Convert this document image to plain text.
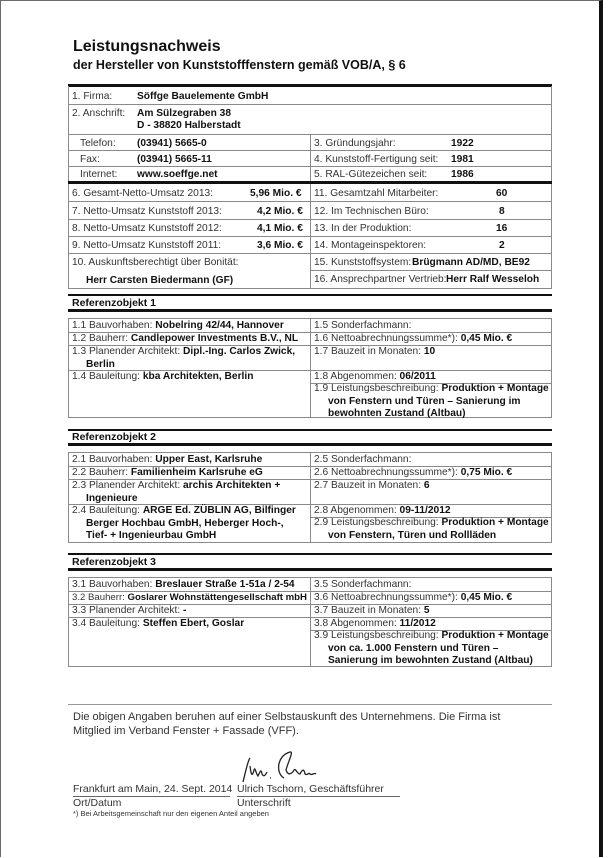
Leistungsnachweis
der Hersteller von Kunststofffenstern gemäß VOB/A, § 6
1. Firma: Söffge Bauelemente GmbH
2. Anschrift: Am Sülzegraben 38
D - 38820 Halberstadt
Telefon: (03941) 5665-0	3. Gründungsjahr:	1922
Fax:	(03941) 5665-11	4. Kunststoff-Fertigung seit: 1981
Internet: www.soeffge.net	5. RAL-Gütezeichen seit: 1986
6. Gesamt-Netto-Umsatz 2013:	5,96 Mio. € 11. Gesamtzahl Mitarbeiter:	60
7. Netto-Umsatz Kunststoff 2013:	4,2 Mio. € 12. Im Technischen Büro:	8
8. Netto-Umsatz Kunststoff 2012:	4,1 Mio. € 13. In der Produktion:	16
9. Netto-Umsatz Kunststoff 2011:	3,6 Mio. € 14. Montageinspektoren:	2
10. Auskunftsberechtigt über Bonität:
Herr Carsten Biedermann (GF)
15. Kunststoffsystem: Brügmann AD/MD, BE92
16. Ansprechpartner Vertrieb: Herr Ralf Wesseloh
Referenzobjekt 1
1.1 Bauvorhaben: Nobelring 42/44, Hannover
1.2 Bauherr: Candlepower Investments B.V., NL
1.3 Planender Architekt: Dipl.-Ing. Carlos Zwick,
Berlin
1.4 Bauleitung: kba Architekten, Berlin
1.5 Sonderfachmann:
1.6 Nettoabrechnungssumme*): 0,45 Mio. €
1.7 Bauzeit in Monaten: 10
1.8 Abgenommen: 06/2011
1.9 Leistungsbeschreibung: Produktion + Montage
von Fenstern und Türen – Sanierung im
bewohnten Zustand (Altbau)
Referenzobjekt 2
2.1 Bauvorhaben: Upper East, Karlsruhe
2.2 Bauherr: Familienheim Karlsruhe eG
2.3 Planender Architekt: archis Architekten +
Ingenieure
2.4 Bauleitung: ARGE Ed. ZÜBLIN AG, Bilfinger
Berger Hochbau GmbH, Heberger Hoch-,
Tief- + Ingenieurbau GmbH
2.5 Sonderfachmann:
2.6 Nettoabrechnungssumme*): 0,75 Mio. €
2.7 Bauzeit in Monaten: 6
2.8 Abgenommen: 09-11/2012
2.9 Leistungsbeschreibung: Produktion + Montage
von Fenstern, Türen und Rollläden
Referenzobjekt 3
3.1 Bauvorhaben: Breslauer Straße 1-51a / 2-54
3.2 Bauherr: Goslarer Wohnstättengesellschaft mbH
3.3 Planender Architekt: -
3.4 Bauleitung: Steffen Ebert, Goslar
3.5 Sonderfachmann:
3.6 Nettoabrechnungssumme*): 0,45 Mio. €
3.7 Bauzeit in Monaten: 5
3.8 Abgenommen: 11/2012
3.9 Leistungsbeschreibung: Produktion + Montage
von ca. 1.000 Fenstern und Türen –
Sanierung im bewohnten Zustand (Altbau)
Die obigen Angaben beruhen auf einer Selbstauskunft des Unternehmens. Die Firma ist
Mitglied im Verband Fenster + Fassade (VFF).
Frankfurt am Main, 24. Sept. 2014
Ort/Datum
Ulrich Tschorn, Geschäftsführer
Unterschrift
*) Bei Arbeitsgemeinschaft nur den eigenen Anteil angeben
